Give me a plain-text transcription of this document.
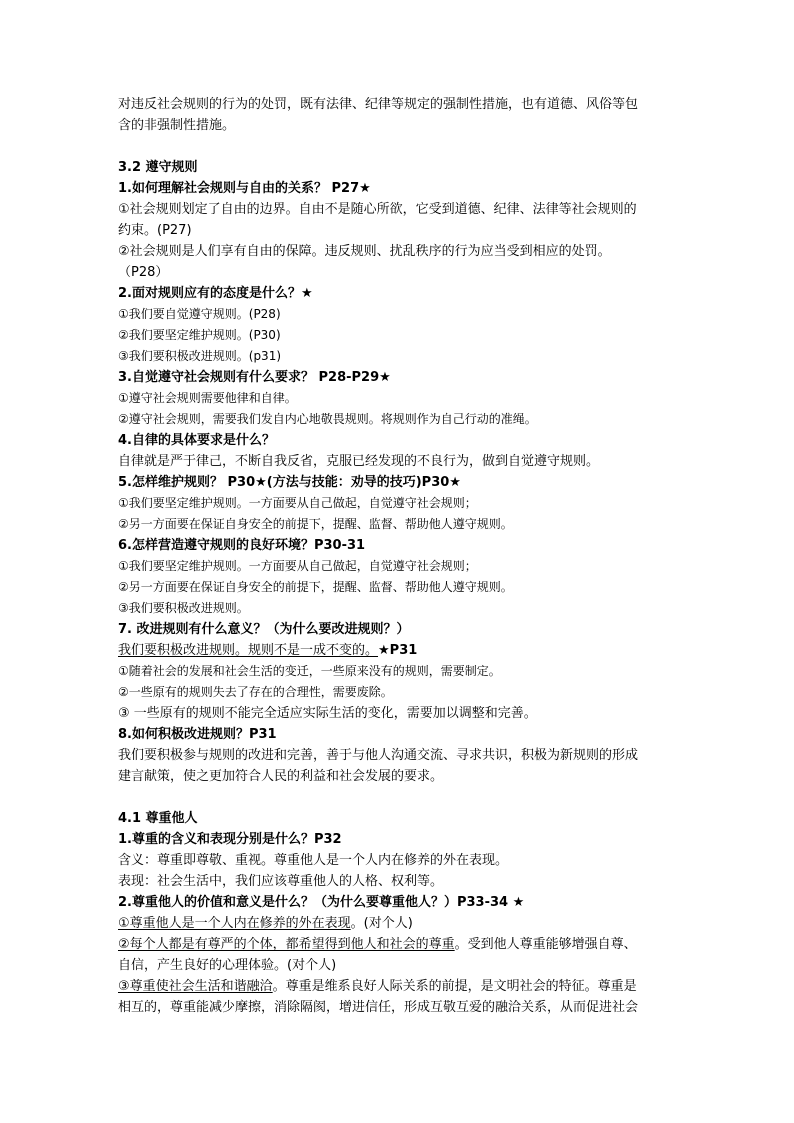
对违反社会规则的行为的处罚，既有法律、纪律等规定的强制性措施，也有道德、风俗等包

含的非强制性措施。

3.2 遵守规则

1.如何理解社会规则与自由的关系？ P27★

①社会规则划定了自由的边界。自由不是随心所欲，它受到道德、纪律、法律等社会规则的

约束。(P27)

②社会规则是人们享有自由的保障。违反规则、扰乱秩序的行为应当受到相应的处罚。

（P28）

2.面对规则应有的态度是什么？★

①我们要自觉遵守规则。(P28)

②我们要坚定维护规则。(P30)

③我们要积极改进规则。(p31)

3.自觉遵守社会规则有什么要求？ P28-P29★

①遵守社会规则需要他律和自律。

②遵守社会规则，需要我们发自内心地敬畏规则。将规则作为自己行动的准绳。

4.自律的具体要求是什么？

自律就是严于律己，不断自我反省，克服已经发现的不良行为，做到自觉遵守规则。

5.怎样维护规则？ P30★(方法与技能：劝导的技巧)P30★

①我们要坚定维护规则。一方面要从自己做起，自觉遵守社会规则；

②另一方面要在保证自身安全的前提下，提醒、监督、帮助他人遵守规则。

6.怎样营造遵守规则的良好环境？P30-31

①我们要坚定维护规则。一方面要从自己做起，自觉遵守社会规则；

②另一方面要在保证自身安全的前提下，提醒、监督、帮助他人遵守规则。

③我们要积极改进规则。

7. 改进规则有什么意义？（为什么要改进规则？）

我们要积极改进规则。规则不是一成不变的。★P31

①随着社会的发展和社会生活的变迁，一些原来没有的规则，需要制定。

②一些原有的规则失去了存在的合理性，需要废除。

③ 一些原有的规则不能完全适应实际生活的变化，需要加以调整和完善。

8.如何积极改进规则？P31

我们要积极参与规则的改进和完善，善于与他人沟通交流、寻求共识，积极为新规则的形成

建言献策，使之更加符合人民的利益和社会发展的要求。

4.1 尊重他人

1.尊重的含义和表现分别是什么？P32

含义：尊重即尊敬、重视。尊重他人是一个人内在修养的外在表现。

表现：社会生活中，我们应该尊重他人的人格、权利等。

2.尊重他人的价值和意义是什么？（为什么要尊重他人？）P33-34 ★

①尊重他人是一个人内在修养的外在表现。(对个人)

②每个人都是有尊严的个体，都希望得到他人和社会的尊重。受到他人尊重能够增强自尊、

自信，产生良好的心理体验。(对个人)

③尊重使社会生活和谐融洽。尊重是维系良好人际关系的前提，是文明社会的特征。尊重是

相互的，尊重能减少摩擦，消除隔阂，增进信任，形成互敬互爱的融洽关系，从而促进社会
